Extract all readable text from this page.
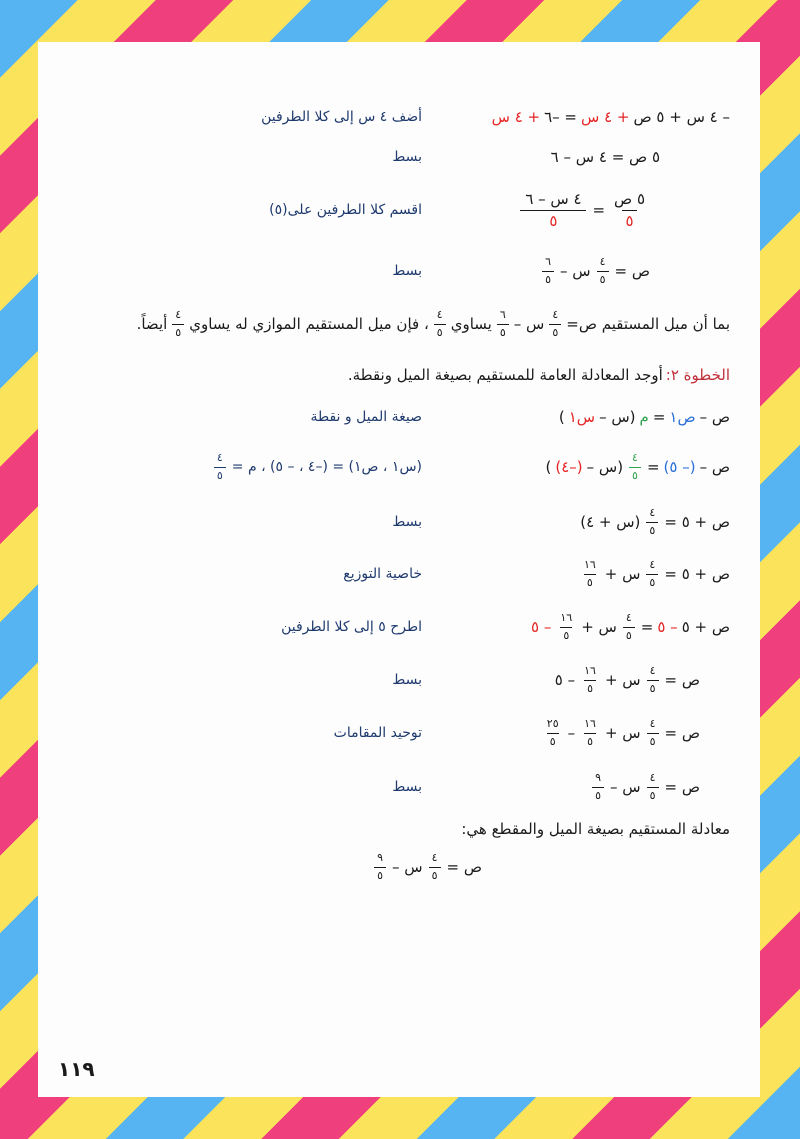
– ٤ س + ٥ ص
+ ٤ س
= –٦
+ ٤ س
أضف ٤ س إلى كلا الطرفين
٥ ص = ٤ س – ٦
بسط
$\frac{\text{٥ ص}}{٥}$
=
$\frac{\text{٤ س – ٦}}{٥}$
اقسم كلا الطرفين على(٥)
ص =
$\frac{٤}{٥}$
س –
$\frac{٦}{٥}$
بسط
بما أن ميل المستقيم ص=
$\frac{٤}{٥}$
س –
$\frac{٦}{٥}$
يساوي
$\frac{٤}{٥}$
، فإن ميل المستقيم الموازي له يساوي
$\frac{٤}{٥}$
أيضاً.
الخطوة ٢:
أوجد المعادلة العامة للمستقيم بصيغة الميل ونقطة.
ص –
ص١
=
م
(س –
س١
)
صيغة الميل و نقطة
ص –
(– ٥)
=
$\frac{٤}{٥}$
(س –
(–٤)
)
(س١ ، ص١) = (–٤ ، – ٥) ، م =
$\frac{٤}{٥}$
ص + ٥ =
$\frac{٤}{٥}$
(س + ٤)
بسط
ص + ٥ =
$\frac{٤}{٥}$
س +
$\frac{١٦}{٥}$
خاصية التوزيع
ص + ٥
– ٥
=
$\frac{٤}{٥}$
س +
$\frac{١٦}{٥}$
– ٥
اطرح ٥ إلى كلا الطرفين
ص =
$\frac{٤}{٥}$
س +
$\frac{١٦}{٥}$
– ٥
بسط
ص =
$\frac{٤}{٥}$
س +
$\frac{١٦}{٥}$
–
$\frac{٢٥}{٥}$
توحيد المقامات
ص =
$\frac{٤}{٥}$
س –
$\frac{٩}{٥}$
بسط
معادلة المستقيم بصيغة الميل والمقطع هي:
ص =
$\frac{٤}{٥}$
س –
$\frac{٩}{٥}$
١١٩
